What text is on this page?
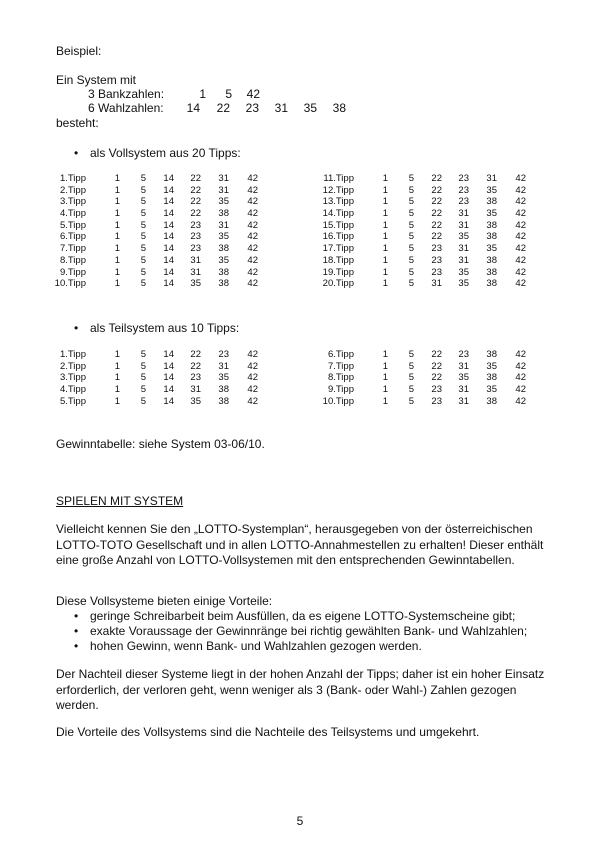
Beispiel:
Ein System mit
3 Bankzahlen:	1	5	42
6 Wahlzahlen:	14	22	23	31	35	38
besteht:
• als Vollsystem aus 20 Tipps:
1.Tipp	1	5	14	22	31	42
2.Tipp	1	5	14	22	31	42
3.Tipp	1	5	14	22	35	42
4.Tipp	1	5	14	22	38	42
5.Tipp	1	5	14	23	31	42
6.Tipp	1	5	14	23	35	42
7.Tipp	1	5	14	23	38	42
8.Tipp	1	5	14	31	35	42
9.Tipp	1	5	14	31	38	42
10.Tipp	1	5	14	35	38	42
11.Tipp	1	5	22	23	31	42
12.Tipp	1	5	22	23	35	42
13.Tipp	1	5	22	23	38	42
14.Tipp	1	5	22	31	35	42
15.Tipp	1	5	22	31	38	42
16.Tipp	1	5	22	35	38	42
17.Tipp	1	5	23	31	35	42
18.Tipp	1	5	23	31	38	42
19.Tipp	1	5	23	35	38	42
20.Tipp	1	5	31	35	38	42
• als Teilsystem aus 10 Tipps:
1.Tipp	1	5	14	22	23	42
2.Tipp	1	5	14	22	31	42
3.Tipp	1	5	14	23	35	42
4.Tipp	1	5	14	31	38	42
5.Tipp	1	5	14	35	38	42
6.Tipp	1	5	22	23	38	42
7.Tipp	1	5	22	31	35	42
8.Tipp	1	5	22	35	38	42
9.Tipp	1	5	23	31	35	42
10.Tipp	1	5	23	31	38	42
Gewinntabelle: siehe System 03-06/10.
SPIELEN MIT SYSTEM
Vielleicht kennen Sie den „LOTTO-Systemplan“, herausgegeben von der österreichischen LOTTO-TOTO Gesellschaft und in allen LOTTO-Annahmestellen zu erhalten! Dieser enthält eine große Anzahl von LOTTO-Vollsystemen mit den entsprechenden Gewinntabellen.
Diese Vollsysteme bieten einige Vorteile:
• geringe Schreibarbeit beim Ausfüllen, da es eigene LOTTO-Systemscheine gibt;
• exakte Voraussage der Gewinnränge bei richtig gewählten Bank- und Wahlzahlen;
• hohen Gewinn, wenn Bank- und Wahlzahlen gezogen werden.
Der Nachteil dieser Systeme liegt in der hohen Anzahl der Tipps; daher ist ein hoher Einsatz erforderlich, der verloren geht, wenn weniger als 3 (Bank- oder Wahl-) Zahlen gezogen werden.
Die Vorteile des Vollsystems sind die Nachteile des Teilsystems und umgekehrt.
5
